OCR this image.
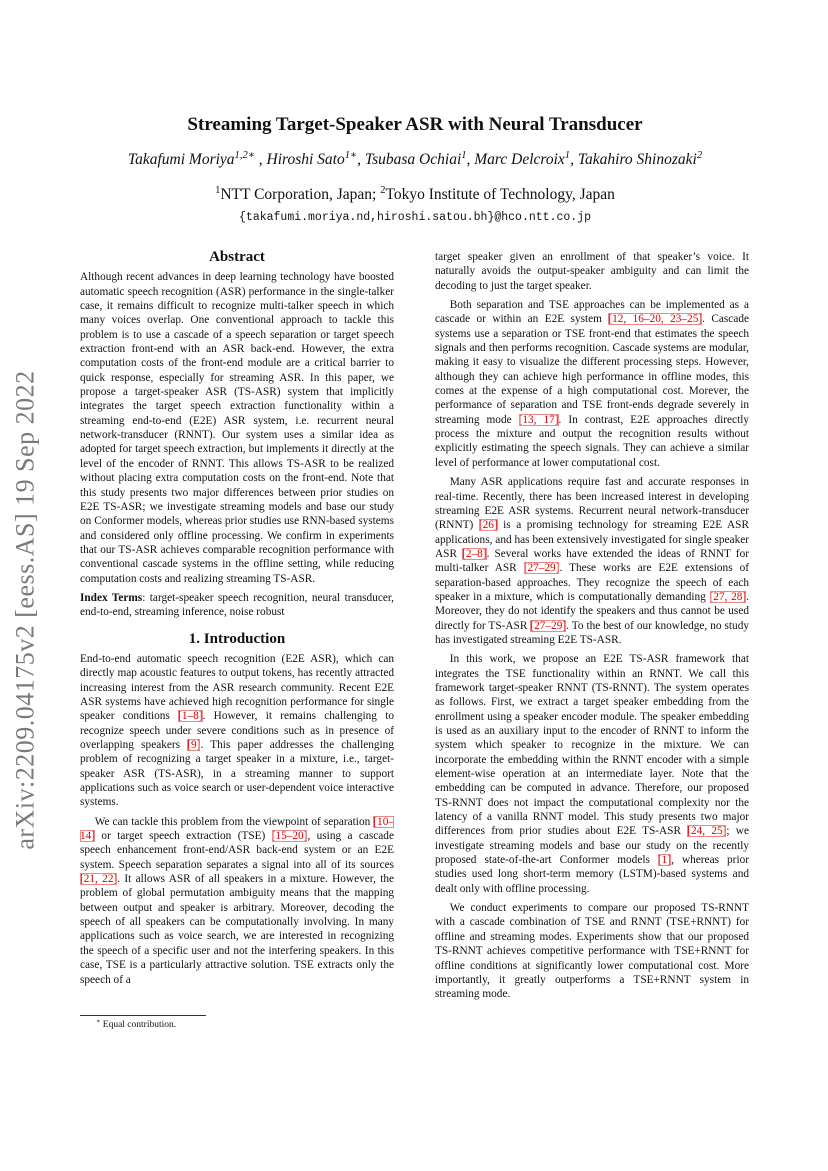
arXiv:2209.04175v2 [eess.AS] 19 Sep 2022
Streaming Target-Speaker ASR with Neural Transducer
Takafumi Moriya$^{1,2∗}$ , Hiroshi Sato$^{1∗}$, Tsubasa Ochiai$^1$, Marc Delcroix$^1$, Takahiro Shinozaki$^2$
$^1$NTT Corporation, Japan; $^2$Tokyo Institute of Technology, Japan
{takafumi.moriya.nd,hiroshi.satou.bh}@hco.ntt.co.jp
Abstract

Although recent advances in deep learning technology have boosted automatic speech recognition (ASR) performance in the single-talker case, it remains difficult to recognize multi-talker speech in which many voices overlap. One conventional approach to tackle this problem is to use a cascade of a speech separation or target speech extraction front-end with an ASR back-end. However, the extra computation costs of the front-end module are a critical barrier to quick response, especially for streaming ASR. In this paper, we propose a target-speaker ASR (TS-ASR) system that implicitly integrates the target speech extraction functionality within a streaming end-to-end (E2E) ASR system, i.e. recurrent neural network-transducer (RNNT). Our system uses a similar idea as adopted for target speech extraction, but implements it directly at the level of the encoder of RNNT. This allows TS-ASR to be realized without placing extra computation costs on the front-end. Note that this study presents two major differences between prior studies on E2E TS-ASR; we investigate streaming models and base our study on Conformer models, whereas prior studies use RNN-based systems and considered only offline processing. We confirm in experiments that our TS-ASR achieves comparable recognition performance with conventional cascade systems in the offline setting, while reducing computation costs and realizing streaming TS-ASR.

Index Terms: target-speaker speech recognition, neural transducer, end-to-end, streaming inference, noise robust

1. Introduction

End-to-end automatic speech recognition (E2E ASR), which can directly map acoustic features to output tokens, has recently attracted increasing interest from the ASR research community. Recent E2E ASR systems have achieved high recognition performance for single speaker conditions [1–8]. However, it remains challenging to recognize speech under severe conditions such as in presence of overlapping speakers [9]. This paper addresses the challenging problem of recognizing a target speaker in a mixture, i.e., target-speaker ASR (TS-ASR), in a streaming manner to support applications such as voice search or user-dependent voice interactive systems.

We can tackle this problem from the viewpoint of separation [10–14] or target speech extraction (TSE) [15–20], using a cascade speech enhancement front-end/ASR back-end system or an E2E system. Speech separation separates a signal into all of its sources [21, 22]. It allows ASR of all speakers in a mixture. However, the problem of global permutation ambiguity means that the mapping between output and speaker is arbitrary. Moreover, decoding the speech of all speakers can be computationally involving. In many applications such as voice search, we are interested in recognizing the speech of a specific user and not the interfering speakers. In this case, TSE is a particularly attractive solution. TSE extracts only the speech of a

target speaker given an enrollment of that speaker’s voice. It naturally avoids the output-speaker ambiguity and can limit the decoding to just the target speaker.

Both separation and TSE approaches can be implemented as a cascade or within an E2E system [12, 16–20, 23–25]. Cascade systems use a separation or TSE front-end that estimates the speech signals and then performs recognition. Cascade systems are modular, making it easy to visualize the different processing steps. However, although they can achieve high performance in offline modes, this comes at the expense of a high computational cost. Morever, the performance of separation and TSE front-ends degrade severely in streaming mode [13, 17]. In contrast, E2E approaches directly process the mixture and output the recognition results without explicitly estimating the speech signals. They can achieve a similar level of performance at lower computational cost.

Many ASR applications require fast and accurate responses in real-time. Recently, there has been increased interest in developing streaming E2E ASR systems. Recurrent neural network-transducer (RNNT) [26] is a promising technology for streaming E2E ASR applications, and has been extensively investigated for single speaker ASR [2–8]. Several works have extended the ideas of RNNT for multi-talker ASR [27–29]. These works are E2E extensions of separation-based approaches. They recognize the speech of each speaker in a mixture, which is computationally demanding [27, 28]. Moreover, they do not identify the speakers and thus cannot be used directly for TS-ASR [27–29]. To the best of our knowledge, no study has investigated streaming E2E TS-ASR.

In this work, we propose an E2E TS-ASR framework that integrates the TSE functionality within an RNNT. We call this framework target-speaker RNNT (TS-RNNT). The system operates as follows. First, we extract a target speaker embedding from the enrollment using a speaker encoder module. The speaker embedding is used as an auxiliary input to the encoder of RNNT to inform the system which speaker to recognize in the mixture. We can incorporate the embedding within the RNNT encoder with a simple element-wise operation at an intermediate layer. Note that the embedding can be computed in advance. Therefore, our proposed TS-RNNT does not impact the computational complexity nor the latency of a vanilla RNNT model. This study presents two major differences from prior studies about E2E TS-ASR [24, 25]; we investigate streaming models and base our study on the recently proposed state-of-the-art Conformer models [1], whereas prior studies used long short-term memory (LSTM)-based systems and dealt only with offline processing.

We conduct experiments to compare our proposed TS-RNNT with a cascade combination of TSE and RNNT (TSE+RNNT) for offline and streaming modes. Experiments show that our proposed TS-RNNT achieves competitive performance with TSE+RNNT for offline conditions at significantly lower computational cost. More importantly, it greatly outperforms a TSE+RNNT system in streaming mode.

∗ Equal contribution.
